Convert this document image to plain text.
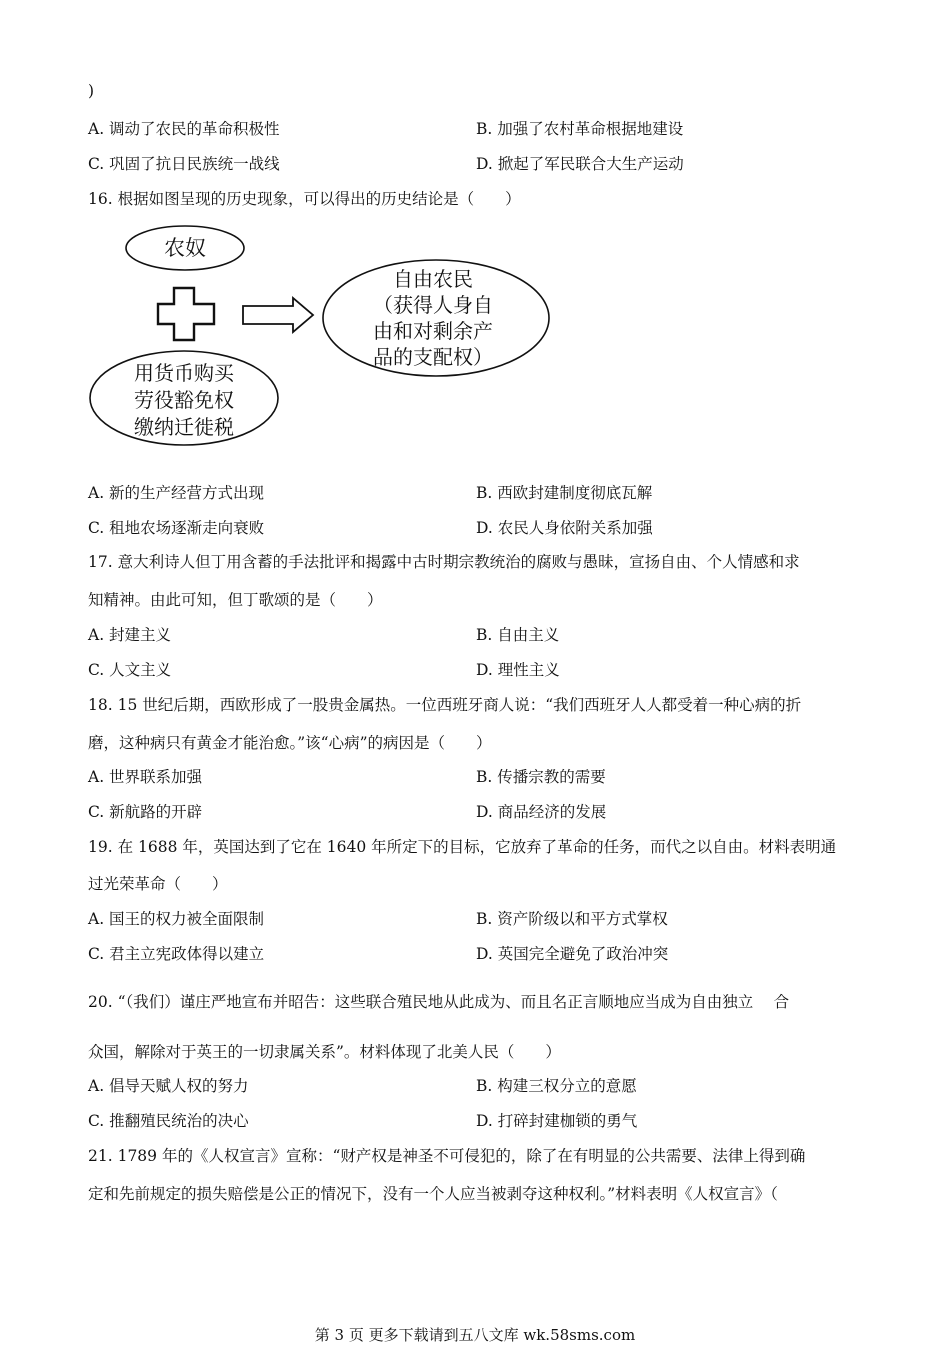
)
A. 调动了农民的革命积极性	B. 加强了农村革命根据地建设
C. 巩固了抗日民族统一战线	D. 掀起了军民联合大生产运动
16. 根据如图呈现的历史现象，可以得出的历史结论是（　　）
农奴
用货币购买
劳役豁免权
缴纳迁徙税
自由农民
（获得人身自
由和对剩余产
品的支配权）
A. 新的生产经营方式出现	B. 西欧封建制度彻底瓦解
C. 租地农场逐渐走向衰败	D. 农民人身依附关系加强
17. 意大利诗人但丁用含蓄的手法批评和揭露中古时期宗教统治的腐败与愚昧，宣扬自由、个人情感和求
知精神。由此可知，但丁歌颂的是（　　）
A. 封建主义	B. 自由主义
C. 人文主义	D. 理性主义
18. 15 世纪后期，西欧形成了一股贵金属热。一位西班牙商人说：“我们西班牙人人都受着一种心病的折
磨，这种病只有黄金才能治愈。”该“心病”的病因是（　　）
A. 世界联系加强	B. 传播宗教的需要
C. 新航路的开辟	D. 商品经济的发展
19. 在 1688 年，英国达到了它在 1640 年所定下的目标，它放弃了革命的任务，而代之以自由。材料表明通
过光荣革命（　　）
A. 国王的权力被全面限制	B. 资产阶级以和平方式掌权
C. 君主立宪政体得以建立	D. 英国完全避免了政治冲突
20. “（我们）谨庄严地宣布并昭告：这些联合殖民地从此成为、而且名正言顺地应当成为自由独立　 合
众国，解除对于英王的一切隶属关系”。材料体现了北美人民（　　）
A. 倡导天赋人权的努力	B. 构建三权分立的意愿
C. 推翻殖民统治的决心	D. 打碎封建枷锁的勇气
21. 1789 年的《人权宣言》宣称：“财产权是神圣不可侵犯的，除了在有明显的公共需要、法律上得到确
定和先前规定的损失赔偿是公正的情况下，没有一个人应当被剥夺这种权利。”材料表明《人权宣言》（
第 3 页 更多下载请到五八文库 wk.58sms.com
